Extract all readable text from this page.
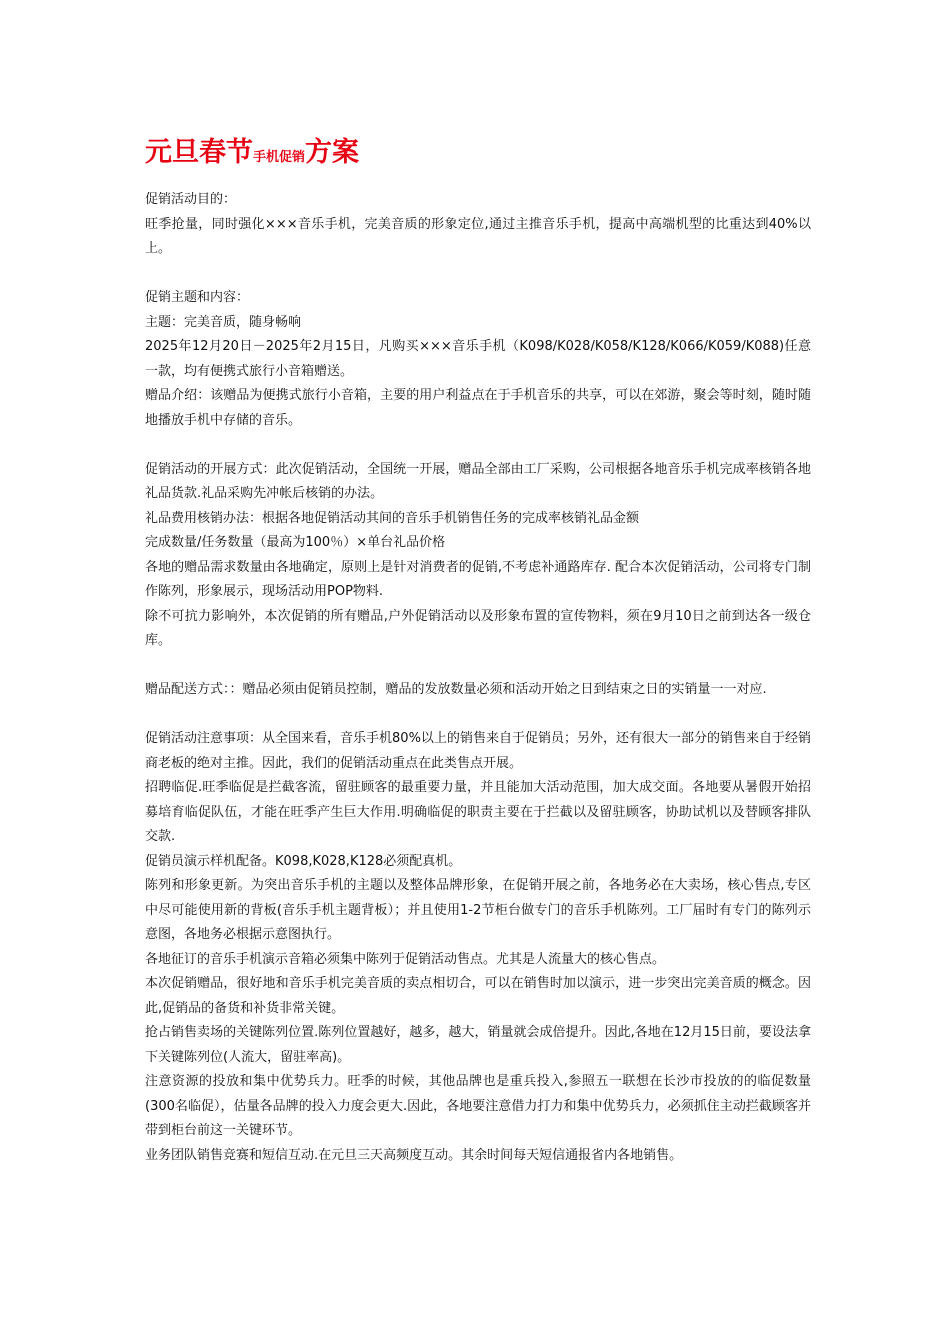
元旦春节手机促销方案

促销活动目的：

旺季抢量，同时强化×××音乐手机，完美音质的形象定位,通过主推音乐手机，提高中高端机型的比重达到40%以上。

促销主题和内容：

主题：完美音质，随身畅响

2025年12月20日－2025年2月15日，凡购买×××音乐手机（K098/K028/K058/K128/K066/K059/K088)任意一款，均有便携式旅行小音箱赠送。

赠品介绍：该赠品为便携式旅行小音箱，主要的用户利益点在于手机音乐的共享，可以在郊游，聚会等时刻，随时随地播放手机中存储的音乐。

促销活动的开展方式：此次促销活动，全国统一开展，赠品全部由工厂采购，公司根据各地音乐手机完成率核销各地礼品货款.礼品采购先冲帐后核销的办法。

礼品费用核销办法：根据各地促销活动其间的音乐手机销售任务的完成率核销礼品金额

完成数量/任务数量（最高为100％）×单台礼品价格

各地的赠品需求数量由各地确定，原则上是针对消费者的促销,不考虑补通路库存. 配合本次促销活动，公司将专门制作陈列，形象展示，现场活动用POP物料.

除不可抗力影响外，本次促销的所有赠品,户外促销活动以及形象布置的宣传物料，须在9月10日之前到达各一级仓库。

赠品配送方式：：赠品必须由促销员控制，赠品的发放数量必须和活动开始之日到结束之日的实销量一一对应.

促销活动注意事项：从全国来看，音乐手机80%以上的销售来自于促销员；另外，还有很大一部分的销售来自于经销商老板的绝对主推。因此，我们的促销活动重点在此类售点开展。

招聘临促.旺季临促是拦截客流，留驻顾客的最重要力量，并且能加大活动范围，加大成交面。各地要从暑假开始招募培育临促队伍，才能在旺季产生巨大作用.明确临促的职责主要在于拦截以及留驻顾客，协助试机以及替顾客排队交款.

促销员演示样机配备。K098,K028,K128必须配真机。

陈列和形象更新。为突出音乐手机的主题以及整体品牌形象，在促销开展之前，各地务必在大卖场，核心售点,专区中尽可能使用新的背板(音乐手机主题背板）；并且使用1-2节柜台做专门的音乐手机陈列。工厂届时有专门的陈列示意图，各地务必根据示意图执行。

各地征订的音乐手机演示音箱必须集中陈列于促销活动售点。尤其是人流量大的核心售点。

本次促销赠品，很好地和音乐手机完美音质的卖点相切合，可以在销售时加以演示，进一步突出完美音质的概念。因此,促销品的备货和补货非常关键。

抢占销售卖场的关键陈列位置.陈列位置越好，越多，越大，销量就会成倍提升。因此,各地在12月15日前，要设法拿下关键陈列位(人流大，留驻率高)。

注意资源的投放和集中优势兵力。旺季的时候，其他品牌也是重兵投入,参照五一联想在长沙市投放的的临促数量(300名临促），估量各品牌的投入力度会更大.因此，各地要注意借力打力和集中优势兵力，必须抓住主动拦截顾客并带到柜台前这一关键环节。

业务团队销售竞赛和短信互动.在元旦三天高频度互动。其余时间每天短信通报省内各地销售。
